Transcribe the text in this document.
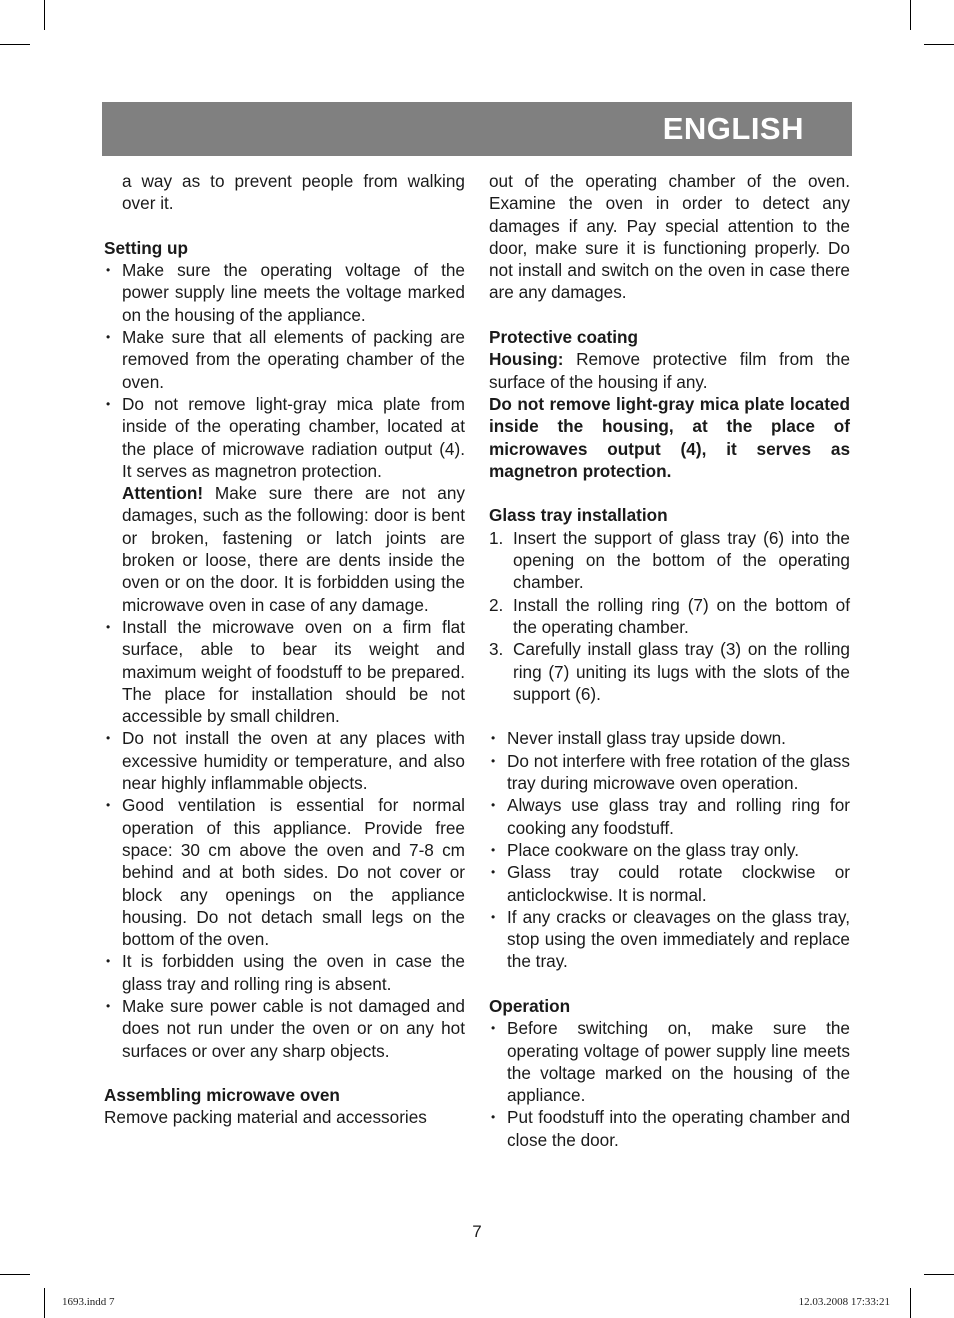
ENGLISH

a way as to prevent people from walking over it.

Setting up

• Make sure the operating voltage of the power supply line meets the voltage marked on the housing of the appliance.
• Make sure that all elements of packing are removed from the operating chamber of the oven.
• Do not remove light-gray mica plate from inside of the operating chamber, located at the place of microwave radiation output (4). It serves as magnetron protection.

Attention! Make sure there are not any damages, such as the following: door is bent or broken, fastening or latch joints are broken or loose, there are dents inside the oven or on the door. It is forbidden using the microwave oven in case of any damage.

• Install the microwave oven on a firm flat surface, able to bear its weight and maximum weight of foodstuff to be prepared. The place for installation should be not accessible by small children.
• Do not install the oven at any places with excessive humidity or temperature, and also near highly inflammable objects.
• Good ventilation is essential for normal operation of this appliance. Provide free space: 30 cm above the oven and 7-8 cm behind and at both sides. Do not cover or block any openings on the appliance housing. Do not detach small legs on the bottom of the oven.
• It is forbidden using the oven in case the glass tray and rolling ring is absent.
• Make sure power cable is not damaged and does not run under the oven or on any hot surfaces or over any sharp objects.

Assembling microwave oven

Remove packing material and accessories

out of the operating chamber of the oven. Examine the oven in order to detect any damages if any. Pay special attention to the door, make sure it is functioning properly. Do not install and switch on the oven in case there are any damages.

Protective coating

Housing: Remove protective film from the surface of the housing if any.

Do not remove light-gray mica plate located inside the housing, at the place of microwaves output (4), it serves as magnetron protection.

Glass tray installation

1. Insert the support of glass tray (6) into the opening on the bottom of the operating chamber.
2. Install the rolling ring (7) on the bottom of the operating chamber.
3. Carefully install glass tray (3) on the rolling ring (7) uniting its lugs with the slots of the support (6).
• Never install glass tray upside down.
• Do not interfere with free rotation of the glass tray during microwave oven operation.
• Always use glass tray and rolling ring for cooking any foodstuff.
• Place cookware on the glass tray only.
• Glass tray could rotate clockwise or anticlockwise. It is normal.
• If any cracks or cleavages on the glass tray, stop using the oven immediately and replace the tray.

Operation

• Before switching on, make sure the operating voltage of power supply line meets the voltage marked on the housing of the appliance.
• Put foodstuff into the operating chamber and close the door.
7
1693.indd 7	12.03.2008 17:33:21
